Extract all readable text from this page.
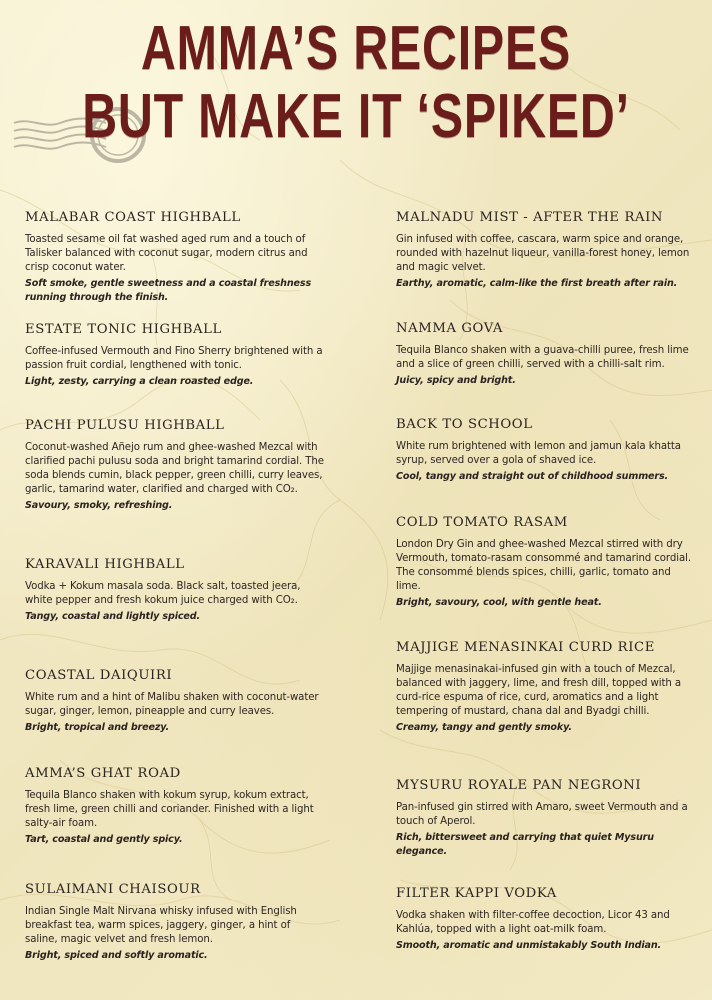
AMMA’S RECIPES
BUT MAKE IT ‘SPIKED’
MALABAR COAST HIGHBALL

Toasted sesame oil fat washed aged rum and a touch of Talisker balanced with coconut sugar, modern citrus and crisp coconut water.

Soft smoke, gentle sweetness and a coastal freshness running through the finish.

ESTATE TONIC HIGHBALL

Coffee-infused Vermouth and Fino Sherry brightened with a passion fruit cordial, lengthened with tonic.

Light, zesty, carrying a clean roasted edge.

PACHI PULUSU HIGHBALL

Coconut-washed Añejo rum and ghee-washed Mezcal with clarified pachi pulusu soda and bright tamarind cordial. The soda blends cumin, black pepper, green chilli, curry leaves, garlic, tamarind water, clarified and charged with CO₂.

Savoury, smoky, refreshing.

KARAVALI HIGHBALL

Vodka + Kokum masala soda. Black salt, toasted jeera, white pepper and fresh kokum juice charged with CO₂.

Tangy, coastal and lightly spiced.

COASTAL DAIQUIRI

White rum and a hint of Malibu shaken with coconut-water sugar, ginger, lemon, pineapple and curry leaves.

Bright, tropical and breezy.

AMMA’S GHAT ROAD

Tequila Blanco shaken with kokum syrup, kokum extract, fresh lime, green chilli and coriander. Finished with a light salty-air foam.

Tart, coastal and gently spicy.

SULAIMANI CHAISOUR

Indian Single Malt Nirvana whisky infused with English breakfast tea, warm spices, jaggery, ginger, a hint of saline, magic velvet and fresh lemon.

Bright, spiced and softly aromatic.

MALNADU MIST - AFTER THE RAIN

Gin infused with coffee, cascara, warm spice and orange, rounded with hazelnut liqueur, vanilla-forest honey, lemon and magic velvet.

Earthy, aromatic, calm-like the first breath after rain.

NAMMA GOVA

Tequila Blanco shaken with a guava-chilli puree, fresh lime and a slice of green chilli, served with a chilli-salt rim.

Juicy, spicy and bright.

BACK TO SCHOOL

White rum brightened with lemon and jamun kala khatta syrup, served over a gola of shaved ice.

Cool, tangy and straight out of childhood summers.

COLD TOMATO RASAM

London Dry Gin and ghee-washed Mezcal stirred with dry Vermouth, tomato-rasam consommé and tamarind cordial. The consommé blends spices, chilli, garlic, tomato and lime.

Bright, savoury, cool, with gentle heat.

MAJJIGE MENASINKAI CURD RICE

Majjige menasinakai-infused gin with a touch of Mezcal, balanced with jaggery, lime, and fresh dill, topped with a curd-rice espuma of rice, curd, aromatics and a light tempering of mustard, chana dal and Byadgi chilli.

Creamy, tangy and gently smoky.

MYSURU ROYALE PAN NEGRONI

Pan-infused gin stirred with Amaro, sweet Vermouth and a touch of Aperol.

Rich, bittersweet and carrying that quiet Mysuru elegance.

FILTER KAPPI VODKA

Vodka shaken with filter-coffee decoction, Licor 43 and Kahlúa, topped with a light oat-milk foam.

Smooth, aromatic and unmistakably South Indian.
